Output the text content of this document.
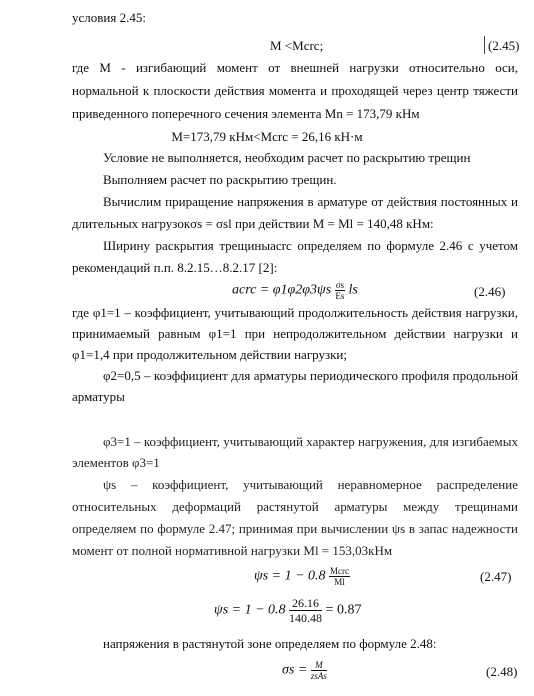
условия 2.45:
M <Mcrc;	(2.45)
где M - изгибающий момент от внешней нагрузки относительно оси,
нормальной к плоскости действия момента и проходящей через центр тяжести
приведенного поперечного сечения элемента Mn = 173,79 кНм
M=173,79 кНм<Mcrc = 26,16 кН·м
Условие не выполняется, необходим расчет по раскрытию трещин
Выполняем расчет по раскрытию трещин.
Вычислим приращение напряжения в арматуре от действия постоянных и
длительных нагрузокσs = σsl при действии M = Ml = 140,48 кНм:
Ширину раскрытия трещиныacrc определяем по формуле 2.46 с учетом
рекомендаций п.п. 8.2.15…8.2.17 [2]:
acrc = $\varphi 1\varphi 2\varphi 3\psi s \frac{\sigma s}{Es}$ ls	(2.46)
где φ1=1 – коэффициент, учитывающий продолжительность действия нагрузки,
принимаемый равным φ1=1 при непродолжительном действии нагрузки и
φ1=1,4 при продолжительном действии нагрузки;
φ2=0,5 – коэффициент для арматуры периодического профиля продольной
арматуры
φ3=1 – коэффициент, учитывающий характер нагружения, для изгибаемых
элементов φ3=1
ψs – коэффициент, учитывающий неравномерное распределение
относительных деформаций растянутой арматуры между трещинами
определяем по формуле 2.47; принимая при вычислении ψs в запас надежности
момент от полной нормативной нагрузки Ml = 153,03кНм
$\psi s = 1 - 0.8 \frac{\text{Mcrc}}{Ml}$	(2.47)
$\psi s = 1 - 0.8 \frac{26.16}{140.48} = 0.87$
напряжения в растянутой зоне определяем по формуле 2.48:
$\sigma s = \frac{M}{\text{zsAs}}$	(2.48)
